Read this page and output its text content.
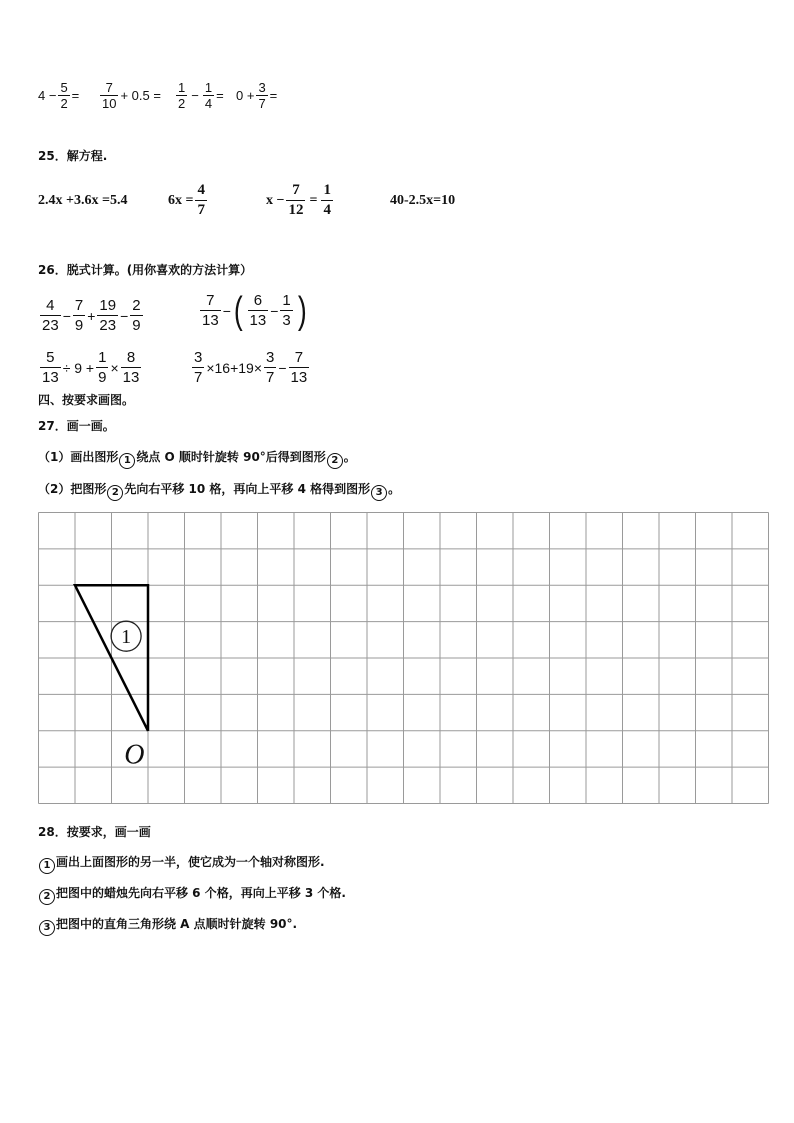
$4 - \frac{5}{2} = \frac{7}{10} + 0.5 = \frac{1}{2} - \frac{1}{4} = 0 + \frac{3}{7}$ =
25．解方程.
2.4x +3.6x =5.4	$6x = \frac{4}{7}$	$x - \frac{7}{12} = \frac{1}{4}$	40-2.5x=10
26．脱式计算。(用你喜欢的方法计算）
$\frac{4}{23} - \frac{7}{9} + \frac{19}{23} - \frac{2}{9}$	$\frac{7}{13}$ − ( $\frac{6}{13} - \frac{1}{3}$ )
$\frac{5}{13} \div 9 + \frac{1}{9} \times \frac{8}{13}$	$\frac{3}{7} \times 16+19\times \frac{3}{7} - \frac{7}{13}$
四、按要求画图。
27．画一画。
（1）画出图形 1 绕点 O 顺时针旋转 90°后得到图形 2 。
（2）把图形 2 先向右平移 10 格，再向上平移 4 格得到图形 3 。
1
O
28．按要求，画一画
1 画出上面图形的另一半，使它成为一个轴对称图形.
2 把图中的蜡烛先向右平移 6 个格，再向上平移 3 个格.
3 把图中的直角三角形绕 A 点顺时针旋转 90°.
